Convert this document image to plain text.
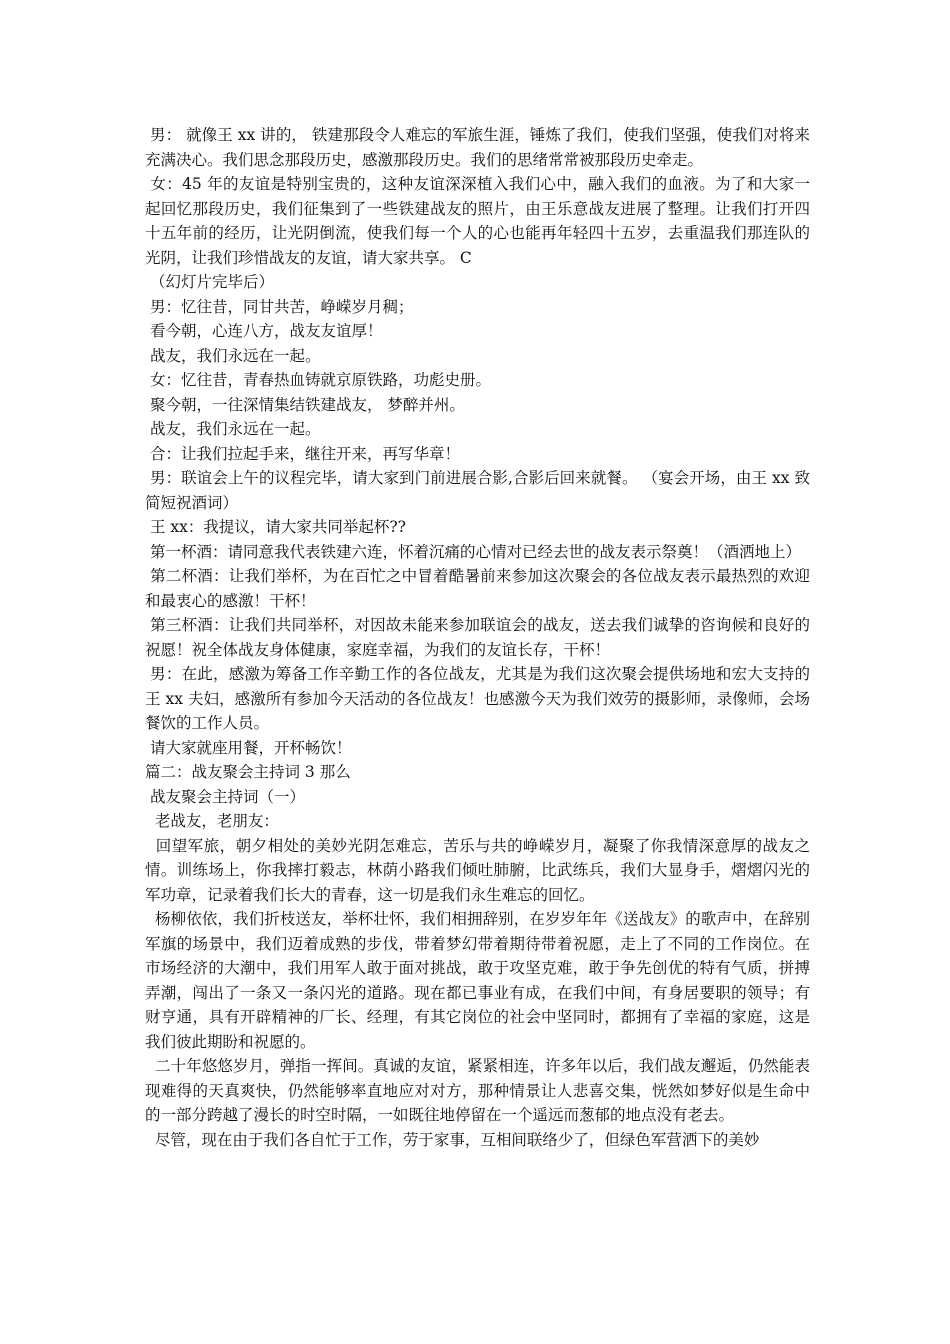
男： 就像王 xx 讲的， 铁建那段令人难忘的军旅生涯，锤炼了我们，使我们坚强，使我们对将来充满决心。我们思念那段历史，感激那段历史。我们的思绪常常被那段历史牵走。

女：45 年的友谊是特别宝贵的，这种友谊深深植入我们心中，融入我们的血液。为了和大家一起回忆那段历史，我们征集到了一些铁建战友的照片，由王乐意战友进展了整理。让我们打开四十五年前的经历，让光阴倒流，使我们每一个人的心也能再年轻四十五岁，去重温我们那连队的光阴，让我们珍惜战友的友谊，请大家共享。 C

（幻灯片完毕后）

男：忆往昔，同甘共苦，峥嵘岁月稠；

看今朝，心连八方，战友友谊厚！

战友，我们永远在一起。

女：忆往昔，青春热血铸就京原铁路，功彪史册。

聚今朝，一往深情集结铁建战友， 梦醉并州。

战友，我们永远在一起。

合：让我们拉起手来，继往开来，再写华章！

男：联谊会上午的议程完毕，请大家到门前进展合影,合影后回来就餐。 （宴会开场，由王 xx 致简短祝酒词）

王 xx：我提议，请大家共同举起杯??

第一杯酒：请同意我代表铁建六连，怀着沉痛的心情对已经去世的战友表示祭奠！（酒洒地上）

第二杯酒：让我们举杯，为在百忙之中冒着酷暑前来参加这次聚会的各位战友表示最热烈的欢迎和最衷心的感激！干杯！

第三杯酒：让我们共同举杯，对因故未能来参加联谊会的战友，送去我们诚挚的咨询候和良好的祝愿！祝全体战友身体健康，家庭幸福，为我们的友谊长存，干杯！

男：在此，感激为筹备工作辛勤工作的各位战友，尤其是为我们这次聚会提供场地和宏大支持的王 xx 夫妇，感激所有参加今天活动的各位战友！也感激今天为我们效劳的摄影师，录像师，会场餐饮的工作人员。

请大家就座用餐，开杯畅饮！

篇二：战友聚会主持词 3 那么

战友聚会主持词（一）

老战友，老朋友：

回望军旅，朝夕相处的美妙光阴怎难忘，苦乐与共的峥嵘岁月，凝聚了你我情深意厚的战友之情。训练场上，你我摔打毅志，林荫小路我们倾吐肺腑，比武练兵，我们大显身手，熠熠闪光的军功章，记录着我们长大的青春，这一切是我们永生难忘的回忆。

杨柳依依，我们折枝送友，举杯壮怀，我们相拥辞别，在岁岁年年《送战友》的歌声中，在辞别军旗的场景中，我们迈着成熟的步伐，带着梦幻带着期待带着祝愿，走上了不同的工作岗位。在市场经济的大潮中，我们用军人敢于面对挑战，敢于攻坚克难，敢于争先创优的特有气质，拼搏弄潮，闯出了一条又一条闪光的道路。现在都已事业有成，在我们中间，有身居要职的领导；有财亨通，具有开辟精神的厂长、经理，有其它岗位的社会中坚同时，都拥有了幸福的家庭，这是我们彼此期盼和祝愿的。

二十年悠悠岁月，弹指一挥间。真诚的友谊，紧紧相连，许多年以后，我们战友邂逅，仍然能表现难得的天真爽快，仍然能够率直地应对对方，那种情景让人悲喜交集，恍然如梦好似是生命中的一部分跨越了漫长的时空时隔，一如既往地停留在一个遥远而葱郁的地点没有老去。

尽管，现在由于我们各自忙于工作，劳于家事，互相间联络少了，但绿色军营洒下的美妙
